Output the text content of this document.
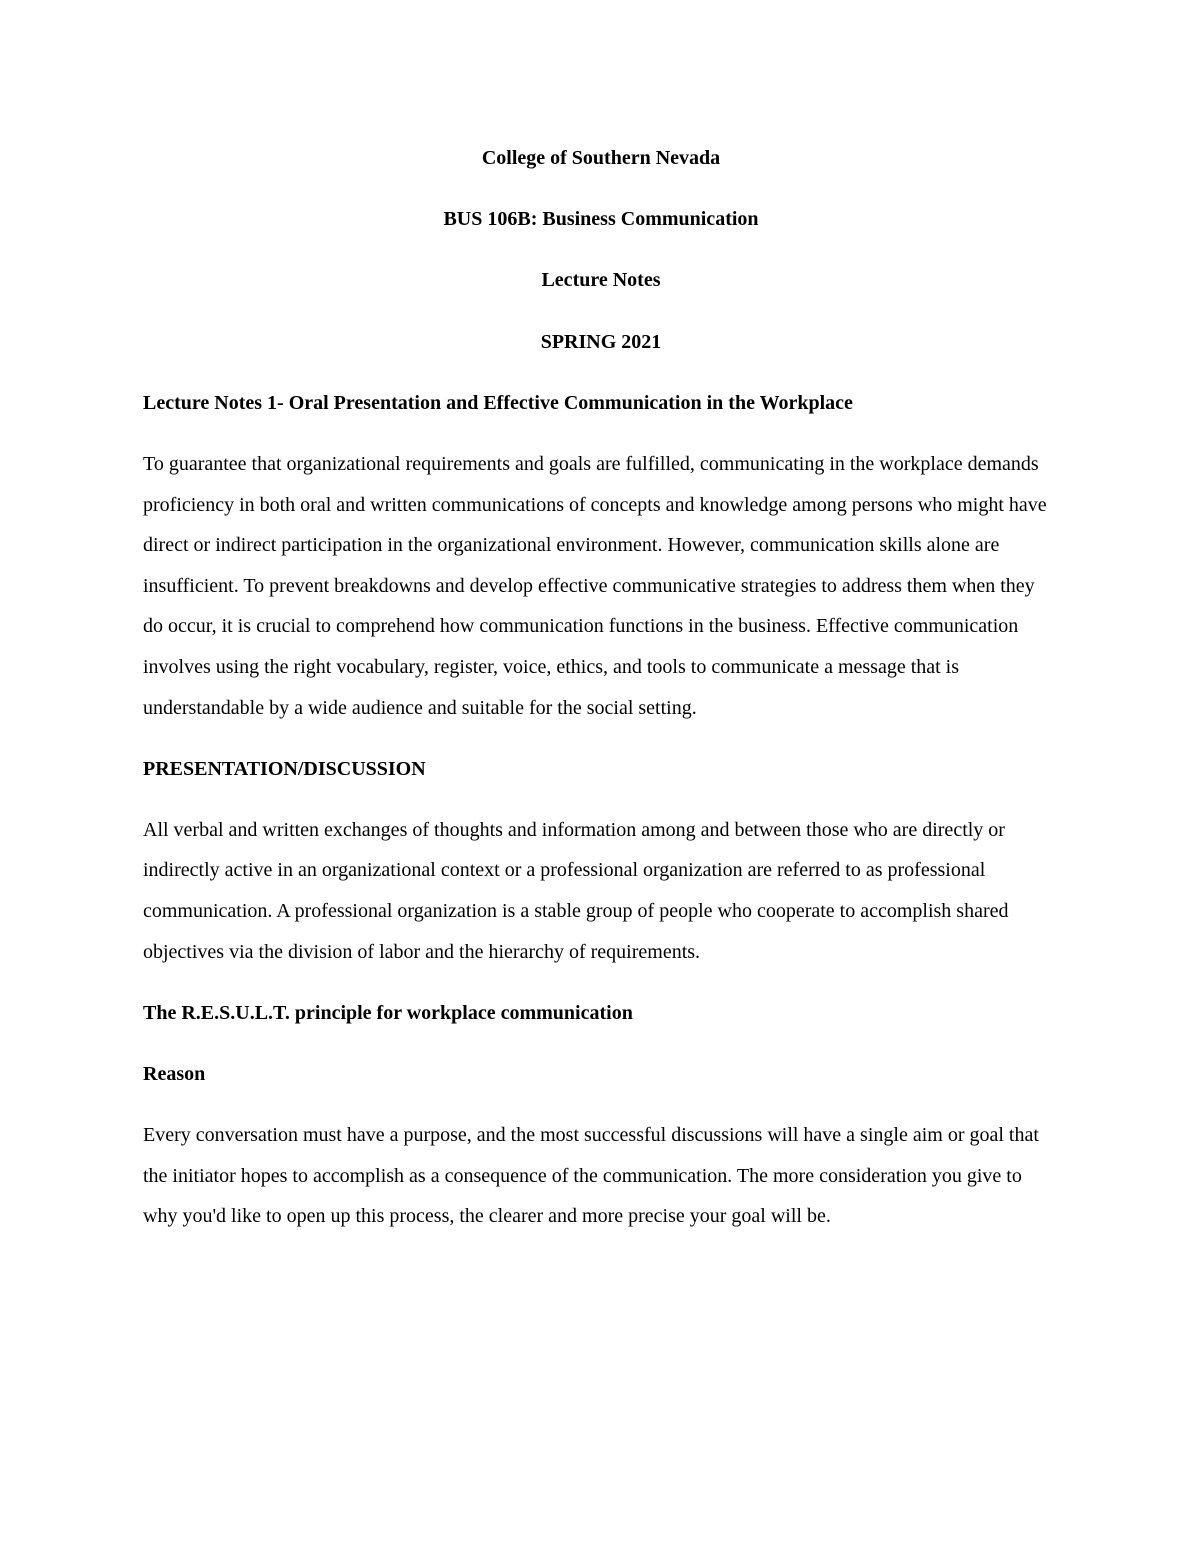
College of Southern Nevada

BUS 106B: Business Communication

Lecture Notes

SPRING 2021

Lecture Notes 1- Oral Presentation and Effective Communication in the Workplace

To guarantee that organizational requirements and goals are fulfilled, communicating in the workplace demands proficiency in both oral and written communications of concepts and knowledge among persons who might have direct or indirect participation in the organizational environment. However, communication skills alone are insufficient. To prevent breakdowns and develop effective communicative strategies to address them when they do occur, it is crucial to comprehend how communication functions in the business. Effective communication involves using the right vocabulary, register, voice, ethics, and tools to communicate a message that is understandable by a wide audience and suitable for the social setting.

PRESENTATION/DISCUSSION

All verbal and written exchanges of thoughts and information among and between those who are directly or indirectly active in an organizational context or a professional organization are referred to as professional communication. A professional organization is a stable group of people who cooperate to accomplish shared objectives via the division of labor and the hierarchy of requirements.

The R.E.S.U.L.T. principle for workplace communication

Reason

Every conversation must have a purpose, and the most successful discussions will have a single aim or goal that the initiator hopes to accomplish as a consequence of the communication. The more consideration you give to why you'd like to open up this process, the clearer and more precise your goal will be.
